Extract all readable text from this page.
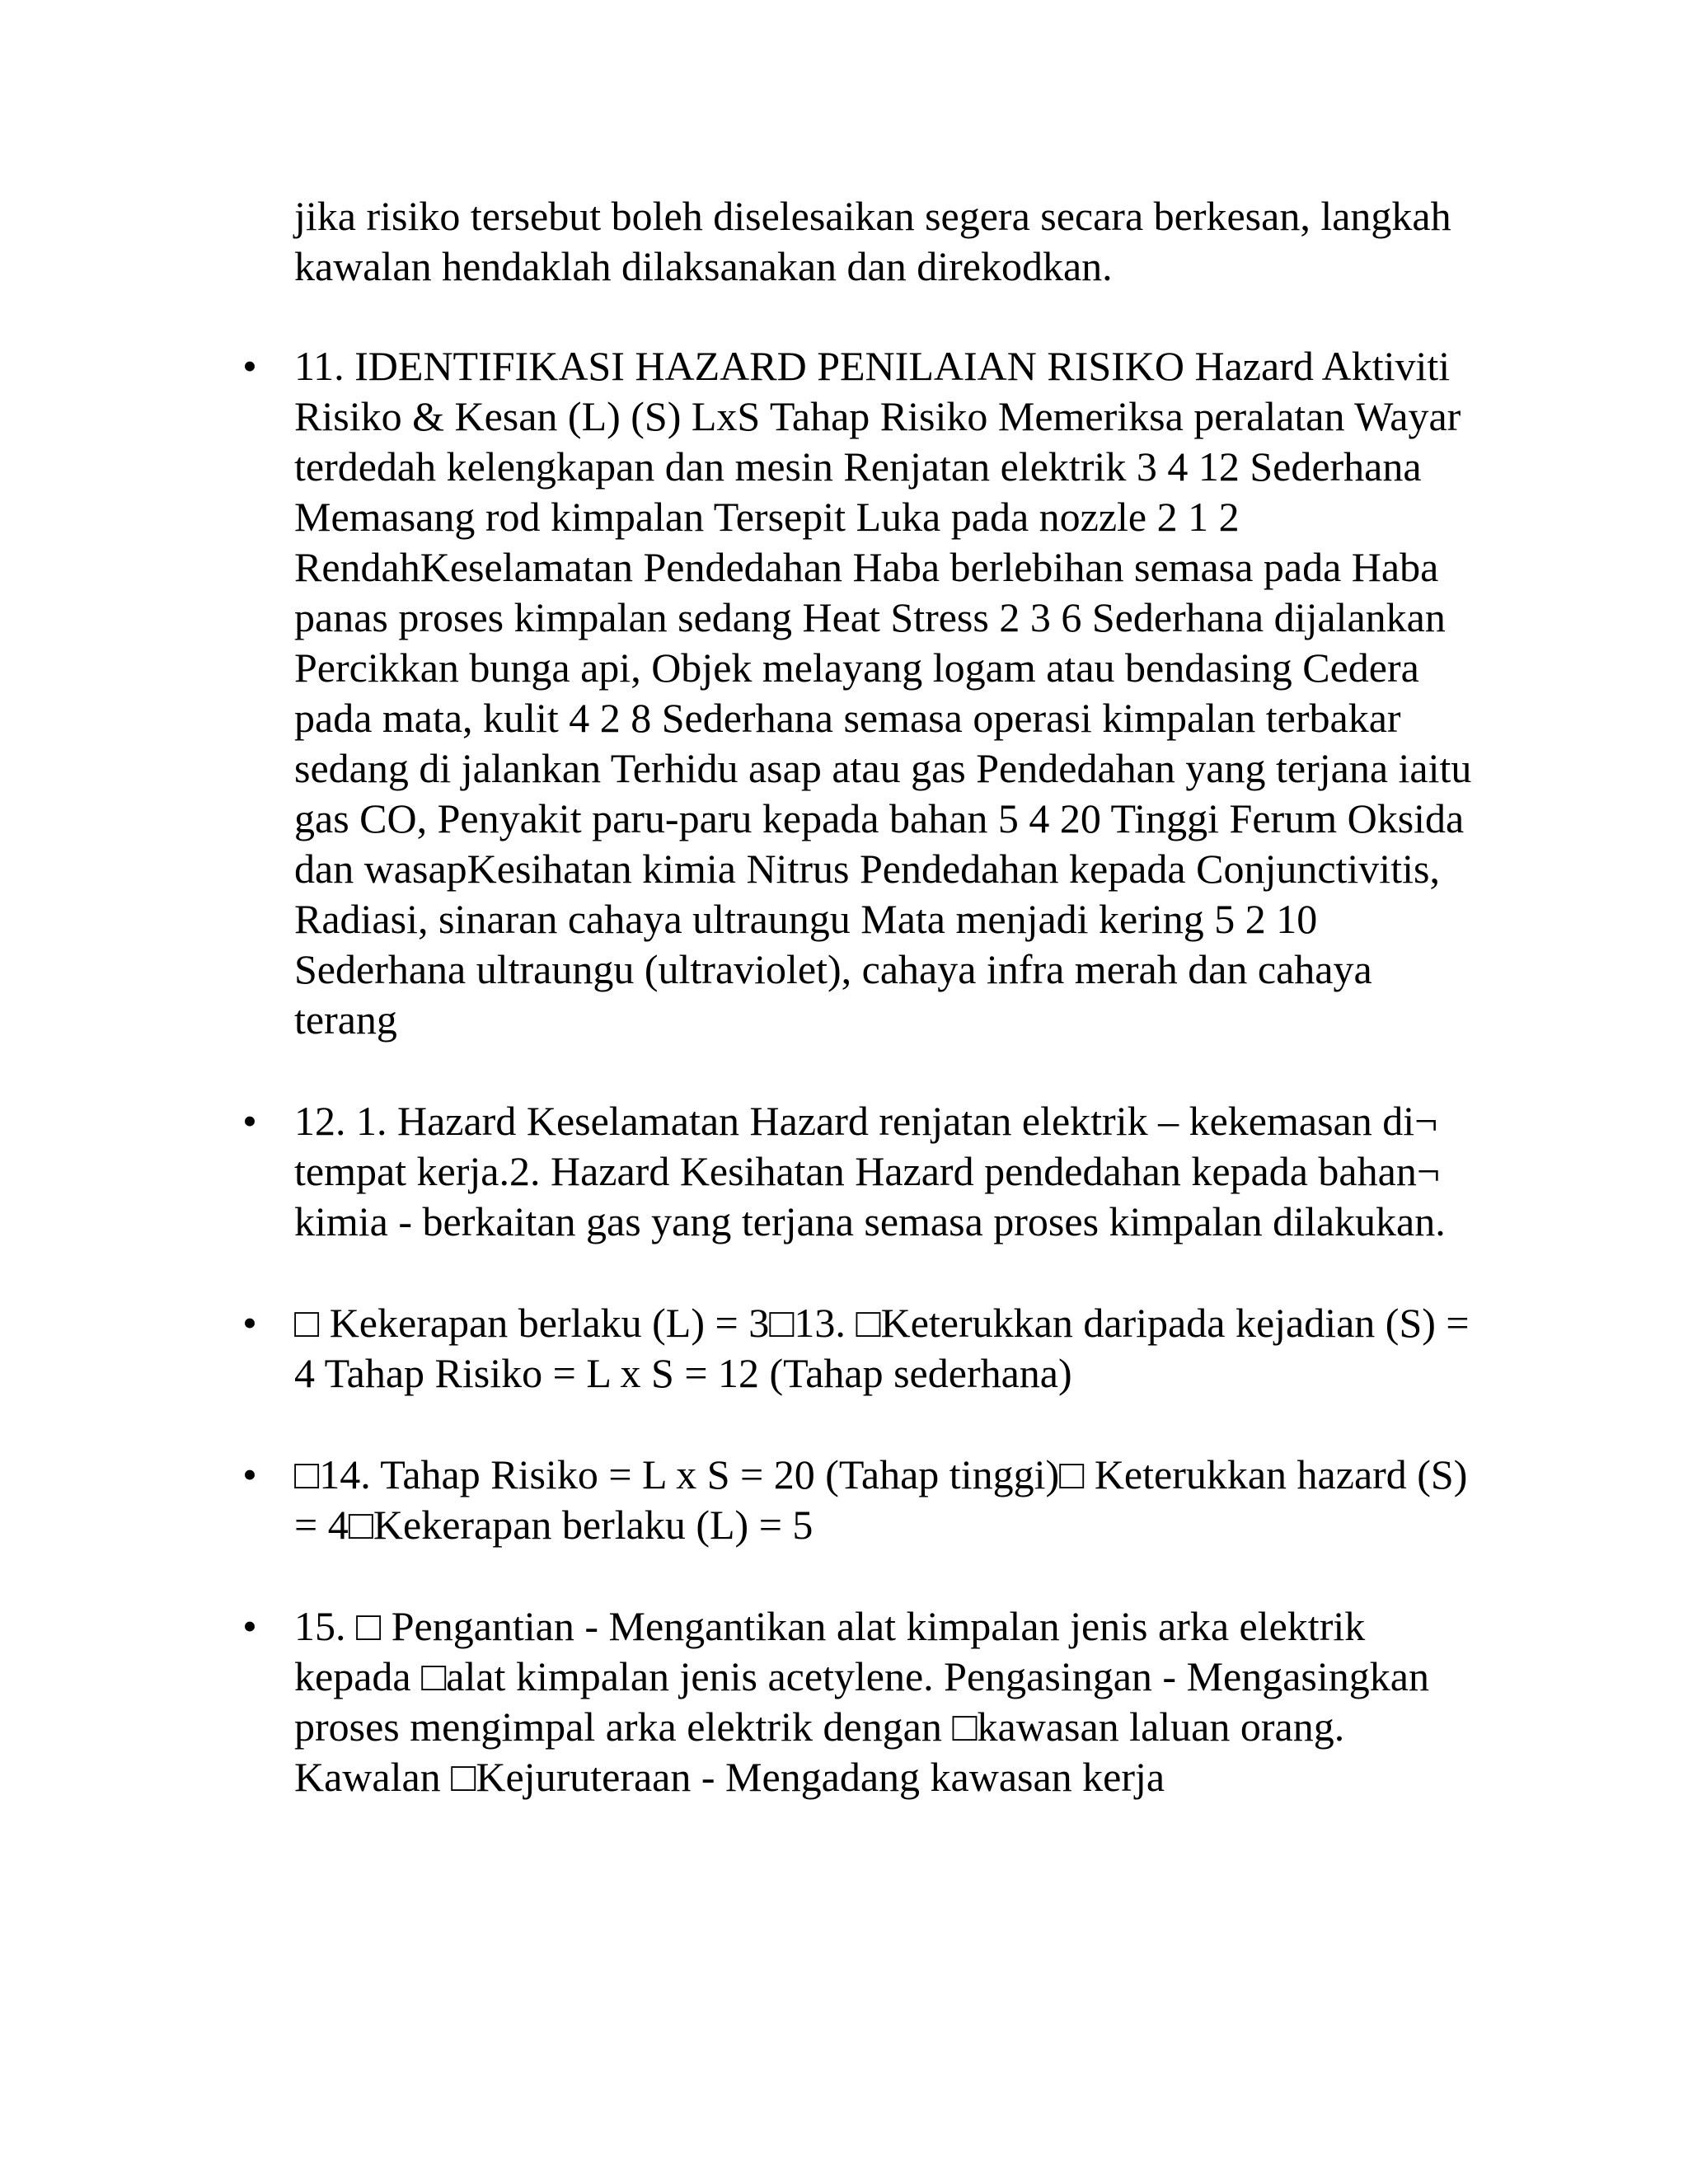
jika risiko tersebut boleh diselesaikan segera secara berkesan, langkah kawalan hendaklah dilaksanakan dan direkodkan.

• 11. IDENTIFIKASI HAZARD PENILAIAN RISIKO Hazard Aktiviti Risiko & Kesan (L) (S) LxS Tahap Risiko Memeriksa peralatan Wayar terdedah kelengkapan dan mesin Renjatan elektrik 3 4 12 Sederhana Memasang rod kimpalan Tersepit Luka pada nozzle 2 1 2 RendahKeselamatan Pendedahan Haba berlebihan semasa pada Haba panas proses kimpalan sedang Heat Stress 2 3 6 Sederhana dijalankan Percikkan bunga api, Objek melayang logam atau bendasing Cedera pada mata, kulit 4 2 8 Sederhana semasa operasi kimpalan terbakar sedang di jalankan Terhidu asap atau gas Pendedahan yang terjana iaitu gas CO, Penyakit paru-paru kepada bahan 5 4 20 Tinggi Ferum Oksida dan wasapKesihatan kimia Nitrus Pendedahan kepada Conjunctivitis, Radiasi, sinaran cahaya ultraungu Mata menjadi kering 5 2 10 Sederhana ultraungu (ultraviolet), cahaya infra merah dan cahaya terang
• 12. 1. Hazard Keselamatan Hazard renjatan elektrik – kekemasan di¬ tempat kerja.2. Hazard Kesihatan Hazard pendedahan kepada bahan¬ kimia - berkaitan gas yang terjana semasa proses kimpalan dilakukan.
• □ Kekerapan berlaku (L) = 3□13. □Keterukkan daripada kejadian (S) = 4 Tahap Risiko = L x S = 12 (Tahap sederhana)
• □14. Tahap Risiko = L x S = 20 (Tahap tinggi)□ Keterukkan hazard (S) = 4□Kekerapan berlaku (L) = 5
• 15. □ Pengantian - Mengantikan alat kimpalan jenis arka elektrik kepada □alat kimpalan jenis acetylene. Pengasingan - Mengasingkan proses mengimpal arka elektrik dengan □kawasan laluan orang. Kawalan □Kejuruteraan - Mengadang kawasan kerja
